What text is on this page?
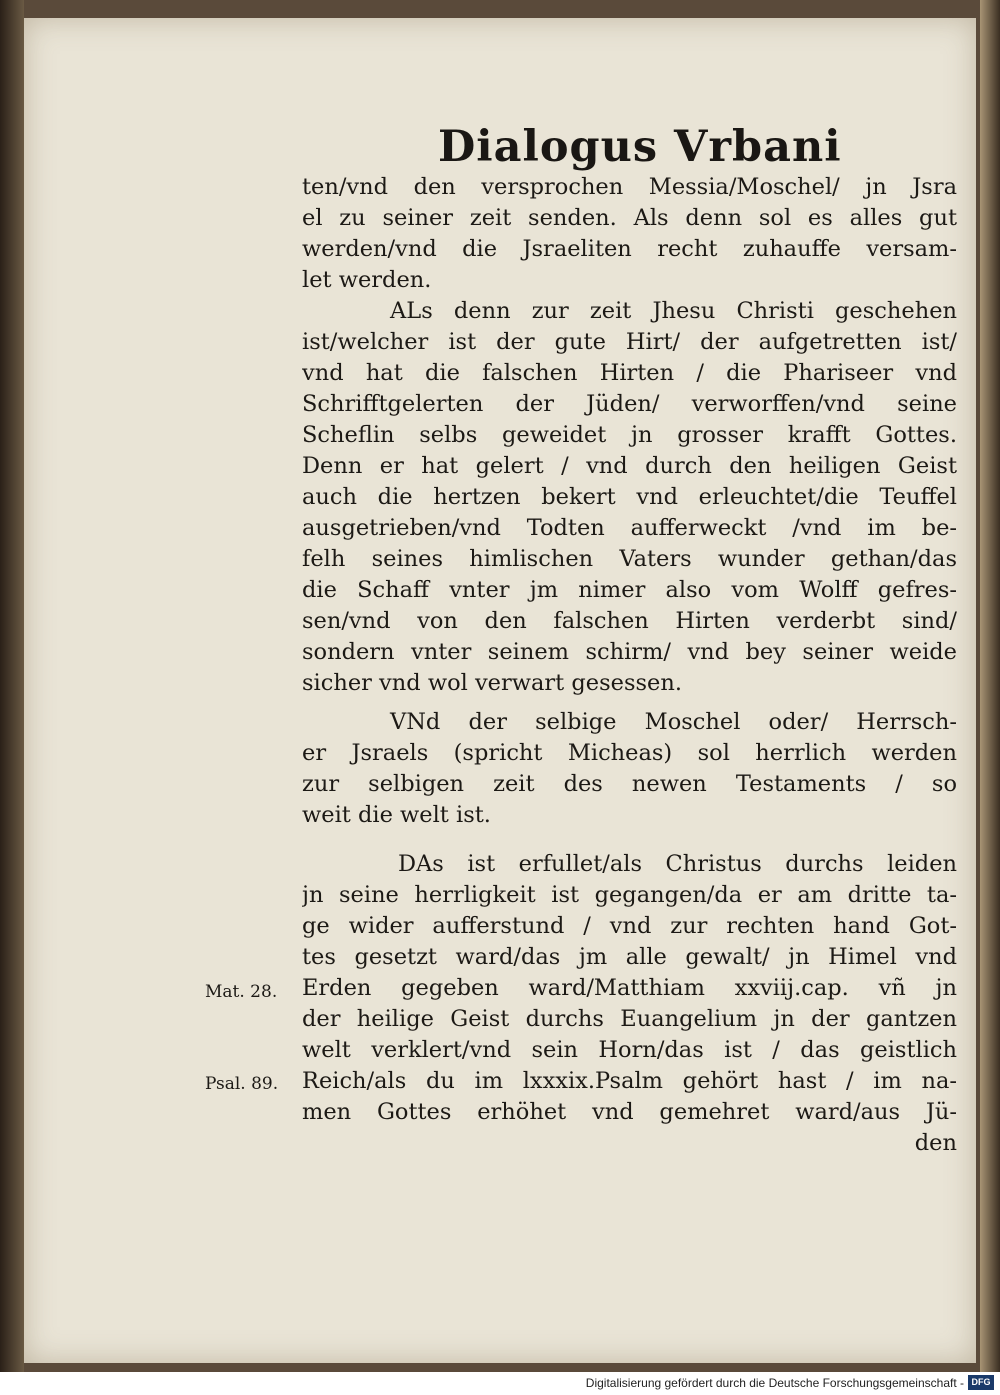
Dialogus Vrbani
ten/vnd den versprochen Messia/Moschel/ jn Jsra
el zu seiner zeit senden. Als denn sol es alles gut
werden/vnd die Jsraeliten recht zuhauffe versam-
let werden.
ALs denn zur zeit Jhesu Christi geschehen
ist/welcher ist der gute Hirt/ der aufgetretten ist/
vnd hat die falschen Hirten / die Phariseer vnd
Schrifftgelerten der Jüden/ verworffen/vnd seine
Scheflin selbs geweidet jn grosser krafft Gottes.
Denn er hat gelert / vnd durch den heiligen Geist
auch die hertzen bekert vnd erleuchtet/die Teuffel
ausgetrieben/vnd Todten aufferweckt /vnd im be-
felh seines himlischen Vaters wunder gethan/das
die Schaff vnter jm nimer also vom Wolff gefres-
sen/vnd von den falschen Hirten verderbt sind/
sondern vnter seinem schirm/ vnd bey seiner weide
sicher vnd wol verwart gesessen.
VNd der selbige Moschel oder/ Herrsch-
er Jsraels (spricht Micheas) sol herrlich werden
zur selbigen zeit des newen Testaments / so
weit die welt ist.
DAs ist erfullet/als Christus durchs leiden
jn seine herrligkeit ist gegangen/da er am dritte ta-
ge wider aufferstund / vnd zur rechten hand Got-
tes gesetzt ward/das jm alle gewalt/ jn Himel vnd
Erden gegeben ward/Matthiam xxviij.cap. vñ jn
der heilige Geist durchs Euangelium jn der gantzen
welt verklert/vnd sein Horn/das ist / das geistlich
Reich/als du im lxxxix.Psalm gehört hast / im na-
men Gottes erhöhet vnd gemehret ward/aus Jü-
den
Mat. 28.
Psal. 89.
Digitalisierung gefördert durch die Deutsche Forschungsgemeinschaft - DFG
